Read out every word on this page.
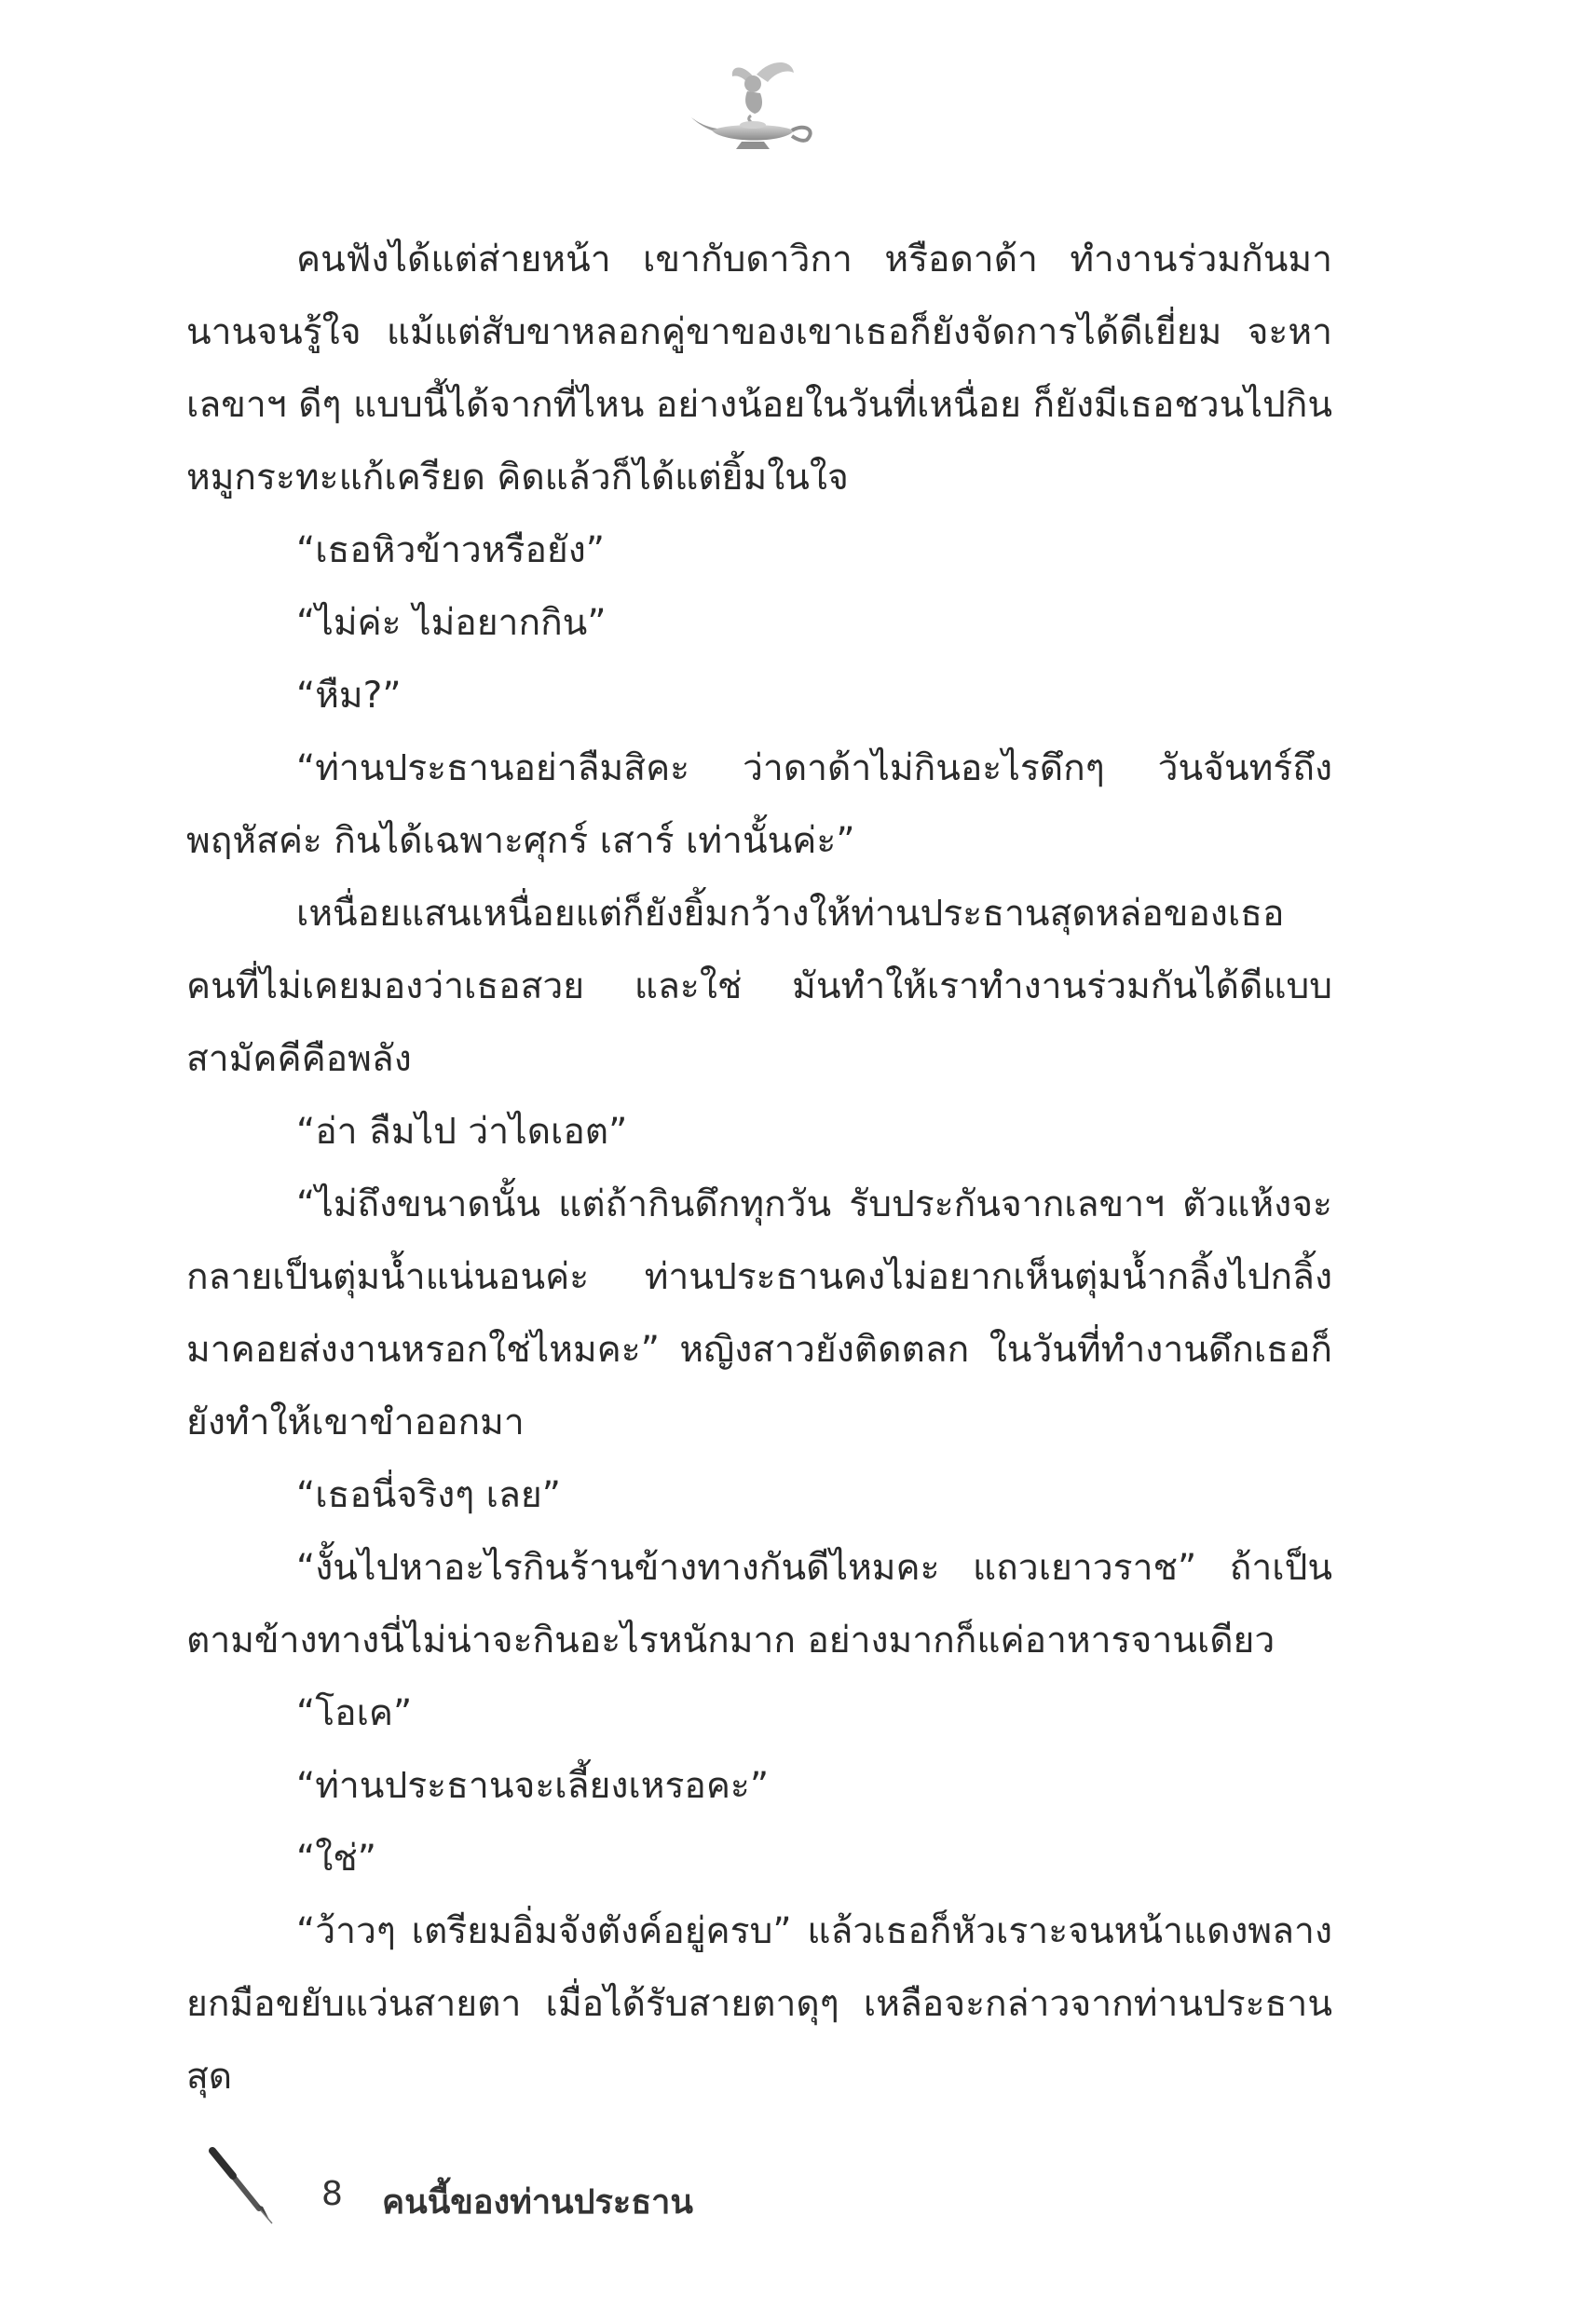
คนฟังได้แต่ส่ายหน้า เขากับดาวิกา หรือดาด้า ทำงานร่วมกันมานานจนรู้ใจ แม้แต่สับขาหลอกคู่ขาของเขาเธอก็ยังจัดการได้ดีเยี่ยม จะหาเลขาฯ ดีๆ แบบนี้ได้จากที่ไหน อย่างน้อยในวันที่เหนื่อย ก็ยังมีเธอชวนไปกินหมูกระทะแก้เครียด คิดแล้วก็ได้แต่ยิ้มในใจ

“เธอหิวข้าวหรือยัง”

“ไม่ค่ะ ไม่อยากกิน”

“หืม?”

“ท่านประธานอย่าลืมสิคะ ว่าดาด้าไม่กินอะไรดึกๆ วันจันทร์ถึงพฤหัสค่ะ กินได้เฉพาะศุกร์ เสาร์ เท่านั้นค่ะ”

เหนื่อยแสนเหนื่อยแต่ก็ยังยิ้มกว้างให้ท่านประธานสุดหล่อของเธอ คนที่ไม่เคยมองว่าเธอสวย และใช่ มันทำให้เราทำงานร่วมกันได้ดีแบบสามัคคีคือพลัง

“อ่า ลืมไป ว่าไดเอต”

“ไม่ถึงขนาดนั้น แต่ถ้ากินดึกทุกวัน รับประกันจากเลขาฯ ตัวแห้งจะกลายเป็นตุ่มน้ำแน่นอนค่ะ ท่านประธานคงไม่อยากเห็นตุ่มน้ำกลิ้งไปกลิ้งมาคอยส่งงานหรอกใช่ไหมคะ” หญิงสาวยังติดตลก ในวันที่ทำงานดึกเธอก็ยังทำให้เขาขำออกมา

“เธอนี่จริงๆ เลย”

“งั้นไปหาอะไรกินร้านข้างทางกันดีไหมคะ แถวเยาวราช” ถ้าเป็นตามข้างทางนี่ไม่น่าจะกินอะไรหนักมาก อย่างมากก็แค่อาหารจานเดียว

“โอเค”

“ท่านประธานจะเลี้ยงเหรอคะ”

“ใช่”

“ว้าวๆ เตรียมอิ่มจังตังค์อยู่ครบ” แล้วเธอก็หัวเราะจนหน้าแดงพลางยกมือขยับแว่นสายตา เมื่อได้รับสายตาดุๆ เหลือจะกล่าวจากท่านประธานสุด

8 คนนี้ของท่านประธาน
